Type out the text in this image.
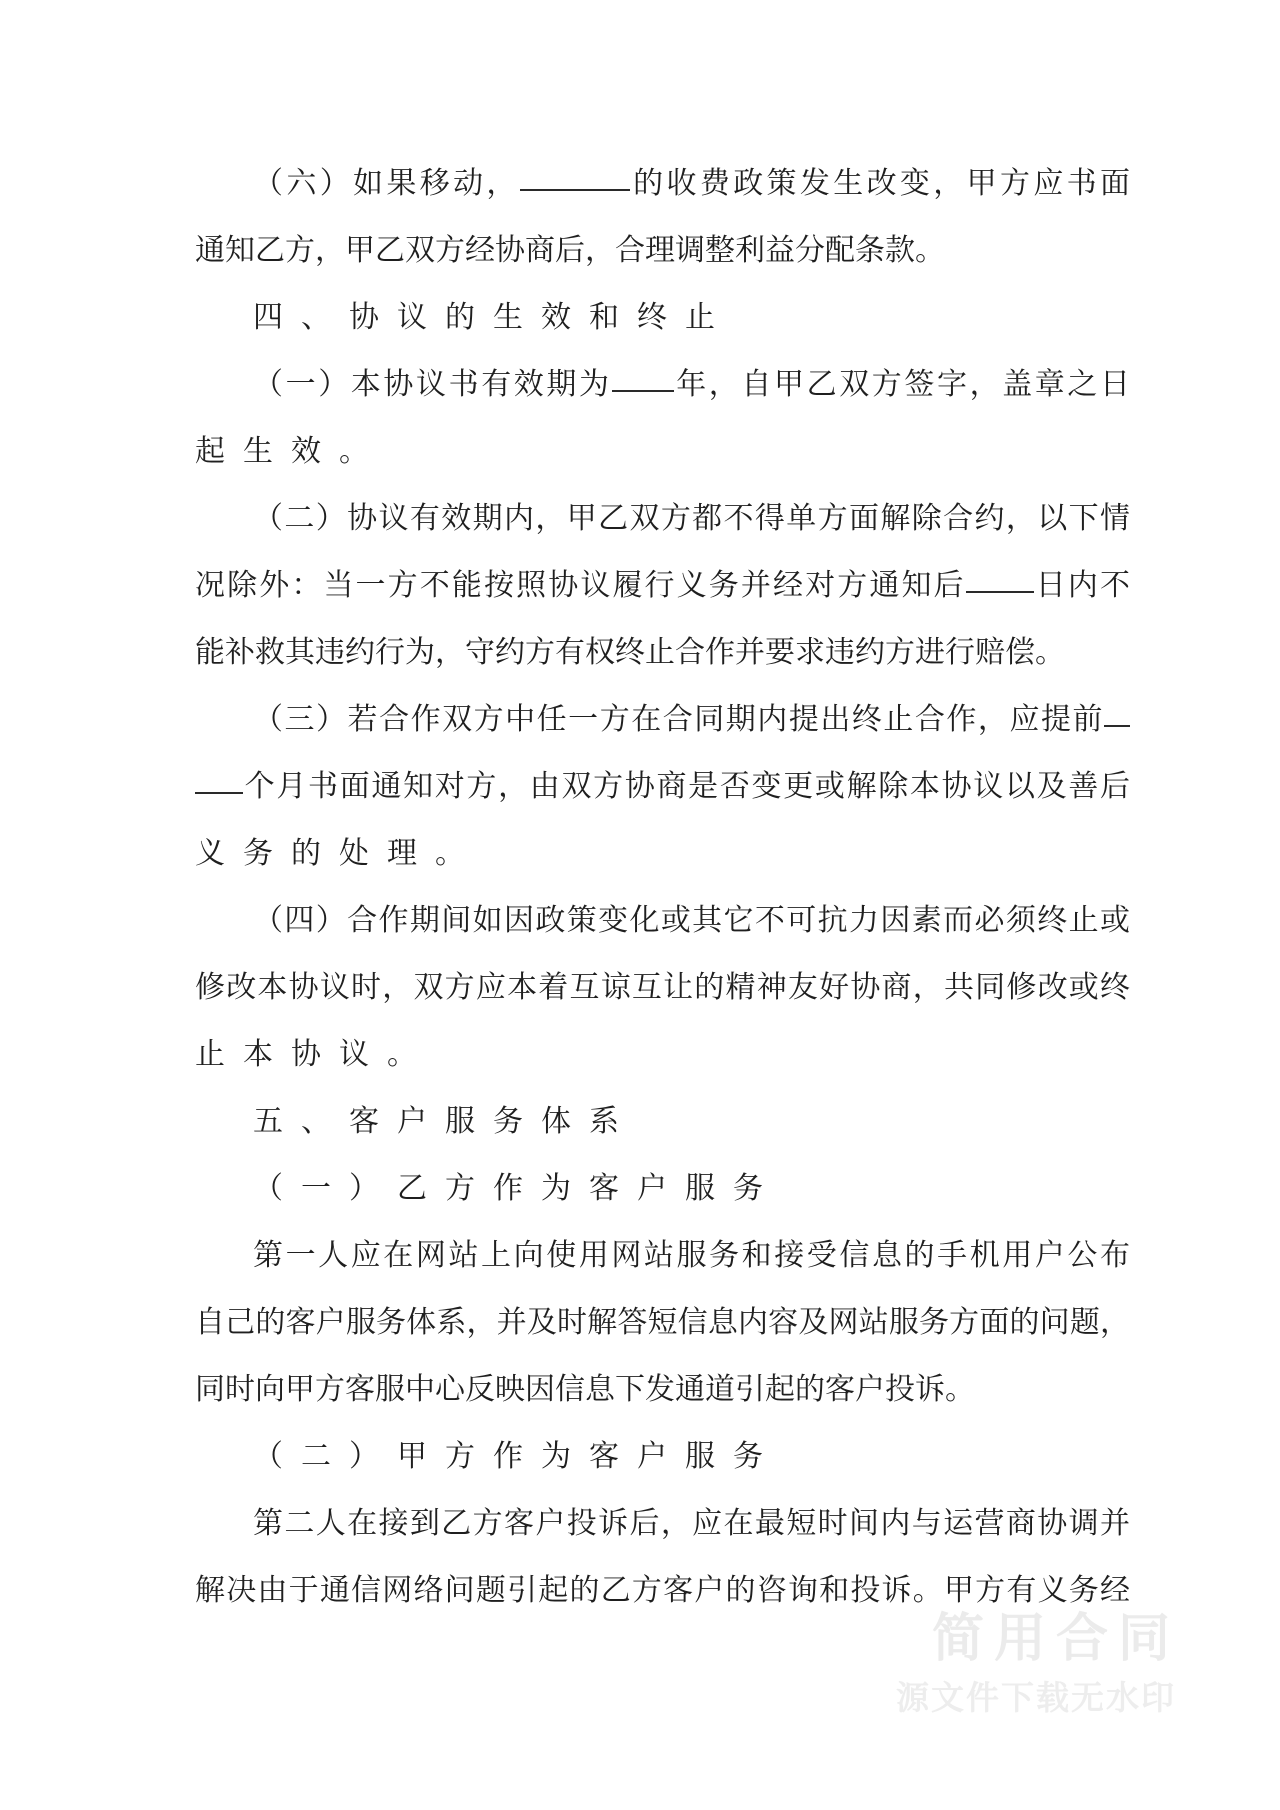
（六）如果移动，	的收费政策发生改变，甲方应书面
通知乙方，甲乙双方经协商后，合理调整利益分配条款。
四、协议的生效和终止
（一）本协议书有效期为 年，自甲乙双方签字，盖章之日
起生效。
（二）协议有效期内，甲乙双方都不得单方面解除合约，以下情
况除外：当一方不能按照协议履行义务并经对方通知后 日内不
能补救其违约行为，守约方有权终止合作并要求违约方进行赔偿。
（三）若合作双方中任一方在合同期内提出终止合作，应提前
个月书面通知对方，由双方协商是否变更或解除本协议以及善后
义务的处理。
（四）合作期间如因政策变化或其它不可抗力因素而必须终止或
修改本协议时，双方应本着互谅互让的精神友好协商，共同修改或终
止本协议。
五、客户服务体系
（一）乙方作为客户服务
第一人应在网站上向使用网站服务和接受信息的手机用户公布
自己的客户服务体系，并及时解答短信息内容及网站服务方面的问题，
同时向甲方客服中心反映因信息下发通道引起的客户投诉。
（二）甲方作为客户服务
第二人在接到乙方客户投诉后，应在最短时间内与运营商协调并
解决由于通信网络问题引起的乙方客户的咨询和投诉。甲方有义务经
简用合同
源文件下载无水印
